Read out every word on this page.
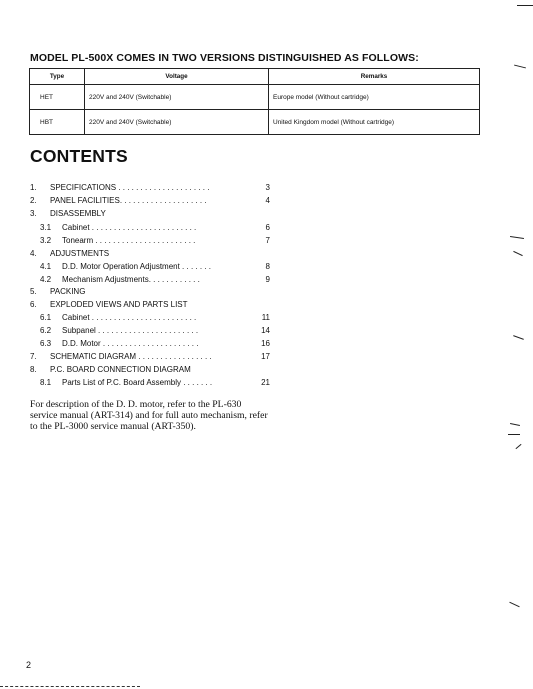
MODEL PL-500X COMES IN TWO VERSIONS DISTINGUISHED AS FOLLOWS:
Type	Voltage	Remarks
HET	220V and 240V (Switchable)	Europe model (Without cartridge)
HBT	220V and 240V (Switchable)	United Kingdom model (Without cartridge)
CONTENTS
1. SPECIFICATIONS . . . . . . . . . . . . . . . . . . . . .	3
2. PANEL FACILITIES. . . . . . . . . . . . . . . . . . . .	4
3. DISASSEMBLY
3.1 Cabinet . . . . . . . . . . . . . . . . . . . . . . . .	6
3.2 Tonearm . . . . . . . . . . . . . . . . . . . . . . .	7
4. ADJUSTMENTS
4.1 D.D. Motor Operation Adjustment . . . . . . .	8
4.2 Mechanism Adjustments. . . . . . . . . . . .	9
5. PACKING
6. EXPLODED VIEWS AND PARTS LIST
6.1 Cabinet . . . . . . . . . . . . . . . . . . . . . . . .	11
6.2 Subpanel . . . . . . . . . . . . . . . . . . . . . . .	14
6.3 D.D. Motor . . . . . . . . . . . . . . . . . . . . . .	16
7. SCHEMATIC DIAGRAM . . . . . . . . . . . . . . . . .	17
8. P.C. BOARD CONNECTION DIAGRAM
8.1 Parts List of P.C. Board Assembly . . . . . . .	21
For description of the D. D. motor, refer to the PL-630 service manual (ART-314) and for full auto mechanism, refer to the PL-3000 service manual (ART-350).
2
